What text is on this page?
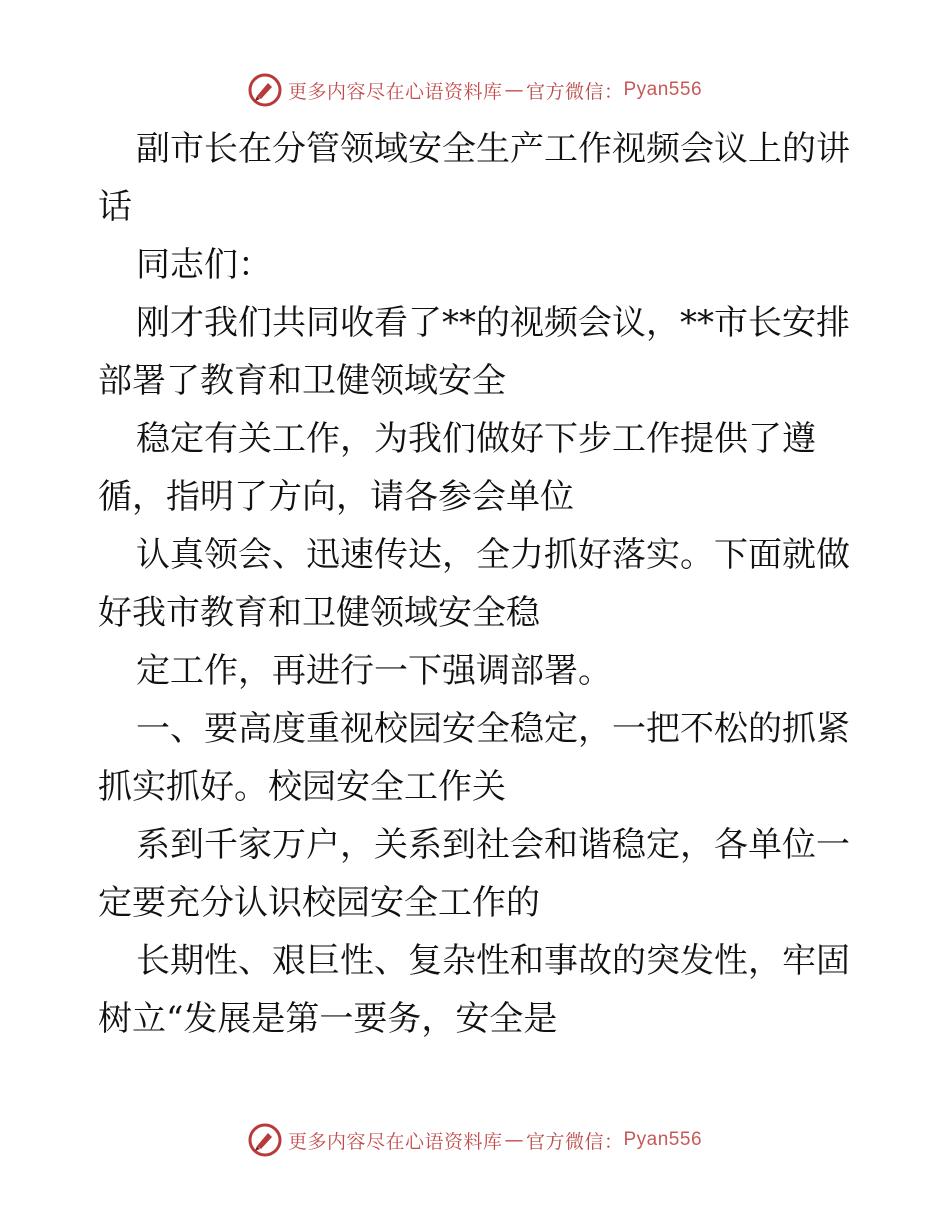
更多内容尽在心语资料库 — 官方微信： Pyan556

副市长在分管领域安全生产工作视频会议上的讲话

同志们：

刚才我们共同收看了**的视频会议，**市长安排部署了教育和卫健领域安全

稳定有关工作，为我们做好下步工作提供了遵循，指明了方向，请各参会单位

认真领会、迅速传达，全力抓好落实。下面就做好我市教育和卫健领域安全稳

定工作，再进行一下强调部署。

一、要高度重视校园安全稳定，一把不松的抓紧抓实抓好。校园安全工作关

系到千家万户，关系到社会和谐稳定，各单位一定要充分认识校园安全工作的

长期性、艰巨性、复杂性和事故的突发性，牢固树立“发展是第一要务，安全是

更多内容尽在心语资料库 — 官方微信： Pyan556
